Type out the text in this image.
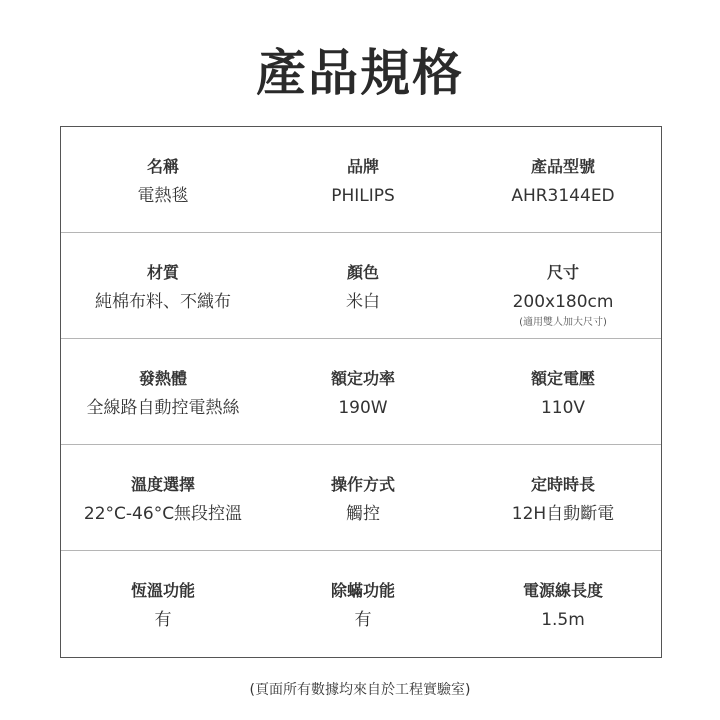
產品規格
名稱
電熱毯
品牌
PHILIPS
產品型號
AHR3144ED
材質
純棉布料、不織布
顏色
米白
尺寸
200x180cm
(適用雙人加大尺寸)
發熱體
全線路自動控電熱絲
額定功率
190W
額定電壓
110V
溫度選擇
22°C-46°C無段控溫
操作方式
觸控
定時時長
12H自動斷電
恆溫功能
有
除蟎功能
有
電源線長度
1.5m
(頁面所有數據均來自於工程實驗室)
